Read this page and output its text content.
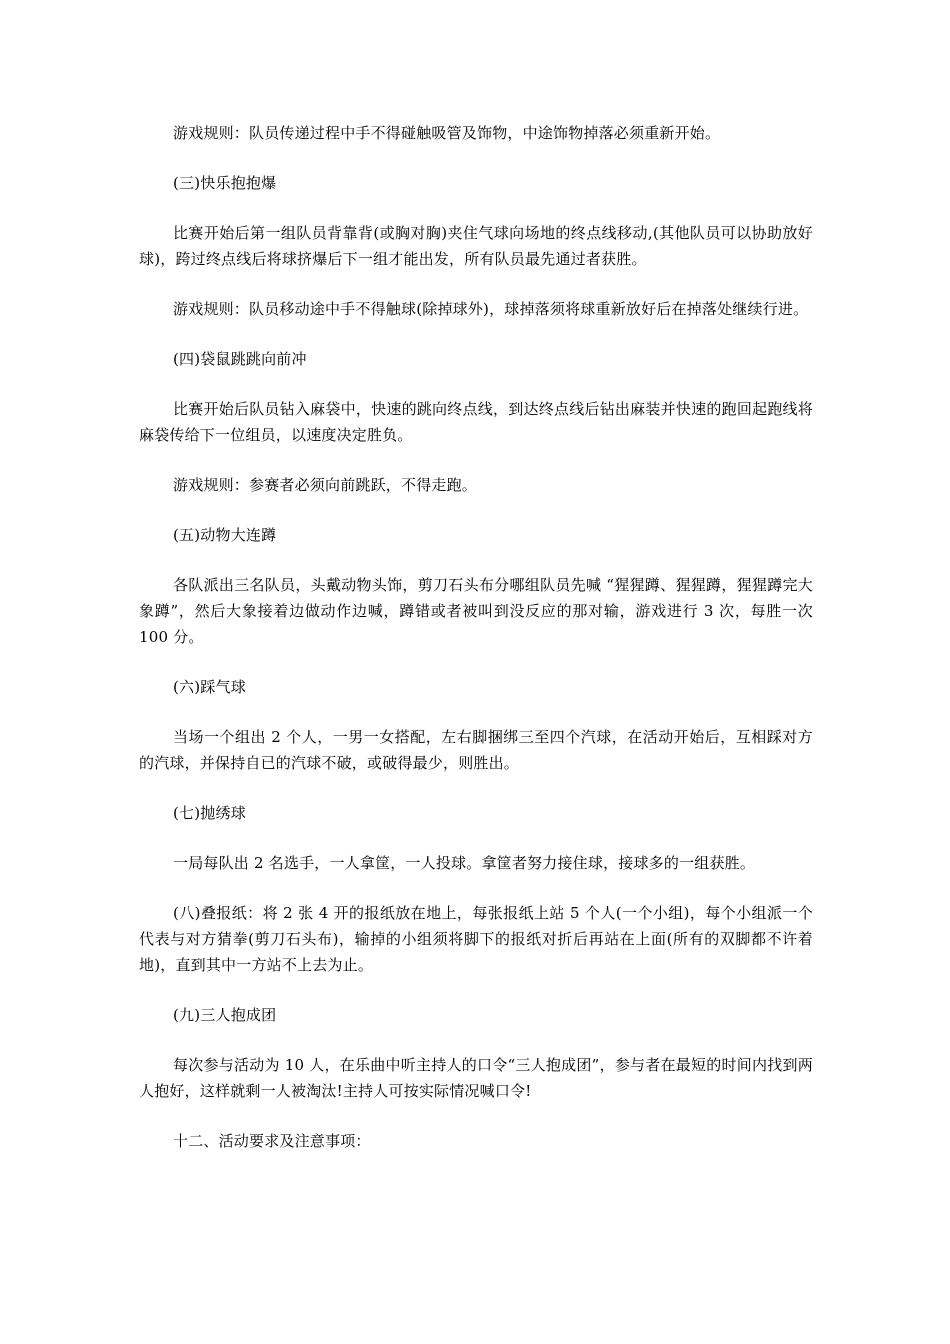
游戏规则：队员传递过程中手不得碰触吸管及饰物，中途饰物掉落必须重新开始。

(三)快乐抱抱爆

比赛开始后第一组队员背靠背(或胸对胸)夹住气球向场地的终点线移动,(其他队员可以协助放好球)，跨过终点线后将球挤爆后下一组才能出发，所有队员最先通过者获胜。

游戏规则：队员移动途中手不得触球(除掉球外)，球掉落须将球重新放好后在掉落处继续行进。

(四)袋鼠跳跳向前冲

比赛开始后队员钻入麻袋中，快速的跳向终点线，到达终点线后钻出麻装并快速的跑回起跑线将麻袋传给下一位组员，以速度决定胜负。

游戏规则：参赛者必须向前跳跃，不得走跑。

(五)动物大连蹲

各队派出三名队员，头戴动物头饰，剪刀石头布分哪组队员先喊 “猩猩蹲、猩猩蹲，猩猩蹲完大象蹲”，然后大象接着边做动作边喊，蹲错或者被叫到没反应的那对输，游戏进行 3 次，每胜一次 100 分。

(六)踩气球

当场一个组出 2 个人，一男一女搭配，左右脚捆绑三至四个汽球，在活动开始后，互相踩对方的汽球，并保持自已的汽球不破，或破得最少，则胜出。

(七)抛绣球

一局每队出 2 名选手，一人拿筐，一人投球。拿筐者努力接住球，接球多的一组获胜。

(八)叠报纸：将 2 张 4 开的报纸放在地上，每张报纸上站 5 个人(一个小组)，每个小组派一个代表与对方猜拳(剪刀石头布)，输掉的小组须将脚下的报纸对折后再站在上面(所有的双脚都不许着地)，直到其中一方站不上去为止。

(九)三人抱成团

每次参与活动为 10 人，在乐曲中听主持人的口令“三人抱成团”，参与者在最短的时间内找到两人抱好，这样就剩一人被淘汰!主持人可按实际情况喊口令!

十二、活动要求及注意事项：
